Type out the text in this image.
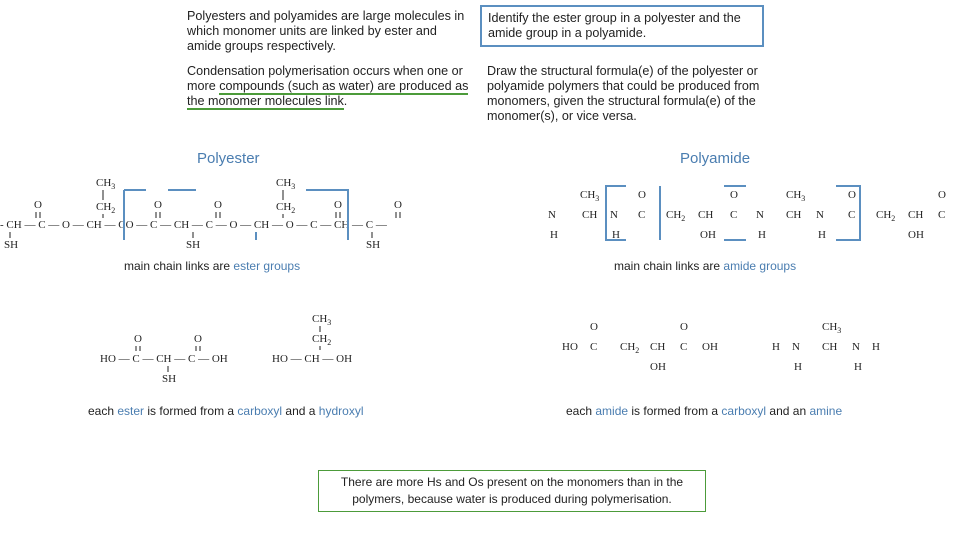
Polyesters and polyamides are large molecules in which monomer units are linked by ester and amide groups respectively.
Condensation polymerisation occurs when one or more compounds (such as water) are produced as the monomer molecules link.
Identify the ester group in a polyester and the amide group in a polyamide.
Draw the structural formula(e) of the polyester or polyamide polymers that could be produced from monomers, given the structural formula(e) of the monomer(s), or vice versa.
Polyester	Polyamide
$CH_3$
$CH_2$
$CH_3$
$CH_2$
O	O	O	O	O
- CH — C — O — CH — CO — C — CH — C — O — CH — O — C — CH — C —
SH	SH	SH
$CH_3$	O	O	$CH_3$	O	O
N CH N C $CH_2$ CH C N CH N C $CH_2$ CH C
H	H	OH	H	H	OH
main chain links are ester groups	main chain links are amide groups
$CH_3$
$CH_2$
O	O
HO — C — CH — C — OH	HO — CH — OH
SH
O	O	$CH_3$
HO C $CH_2$ CH C OH	H N CH N H
OH	H	H
each ester is formed from a carboxyl and a hydroxyl	each amide is formed from a carboxyl and an amine
There are more Hs and Os present on the monomers than in the polymers, because water is produced during polymerisation.
